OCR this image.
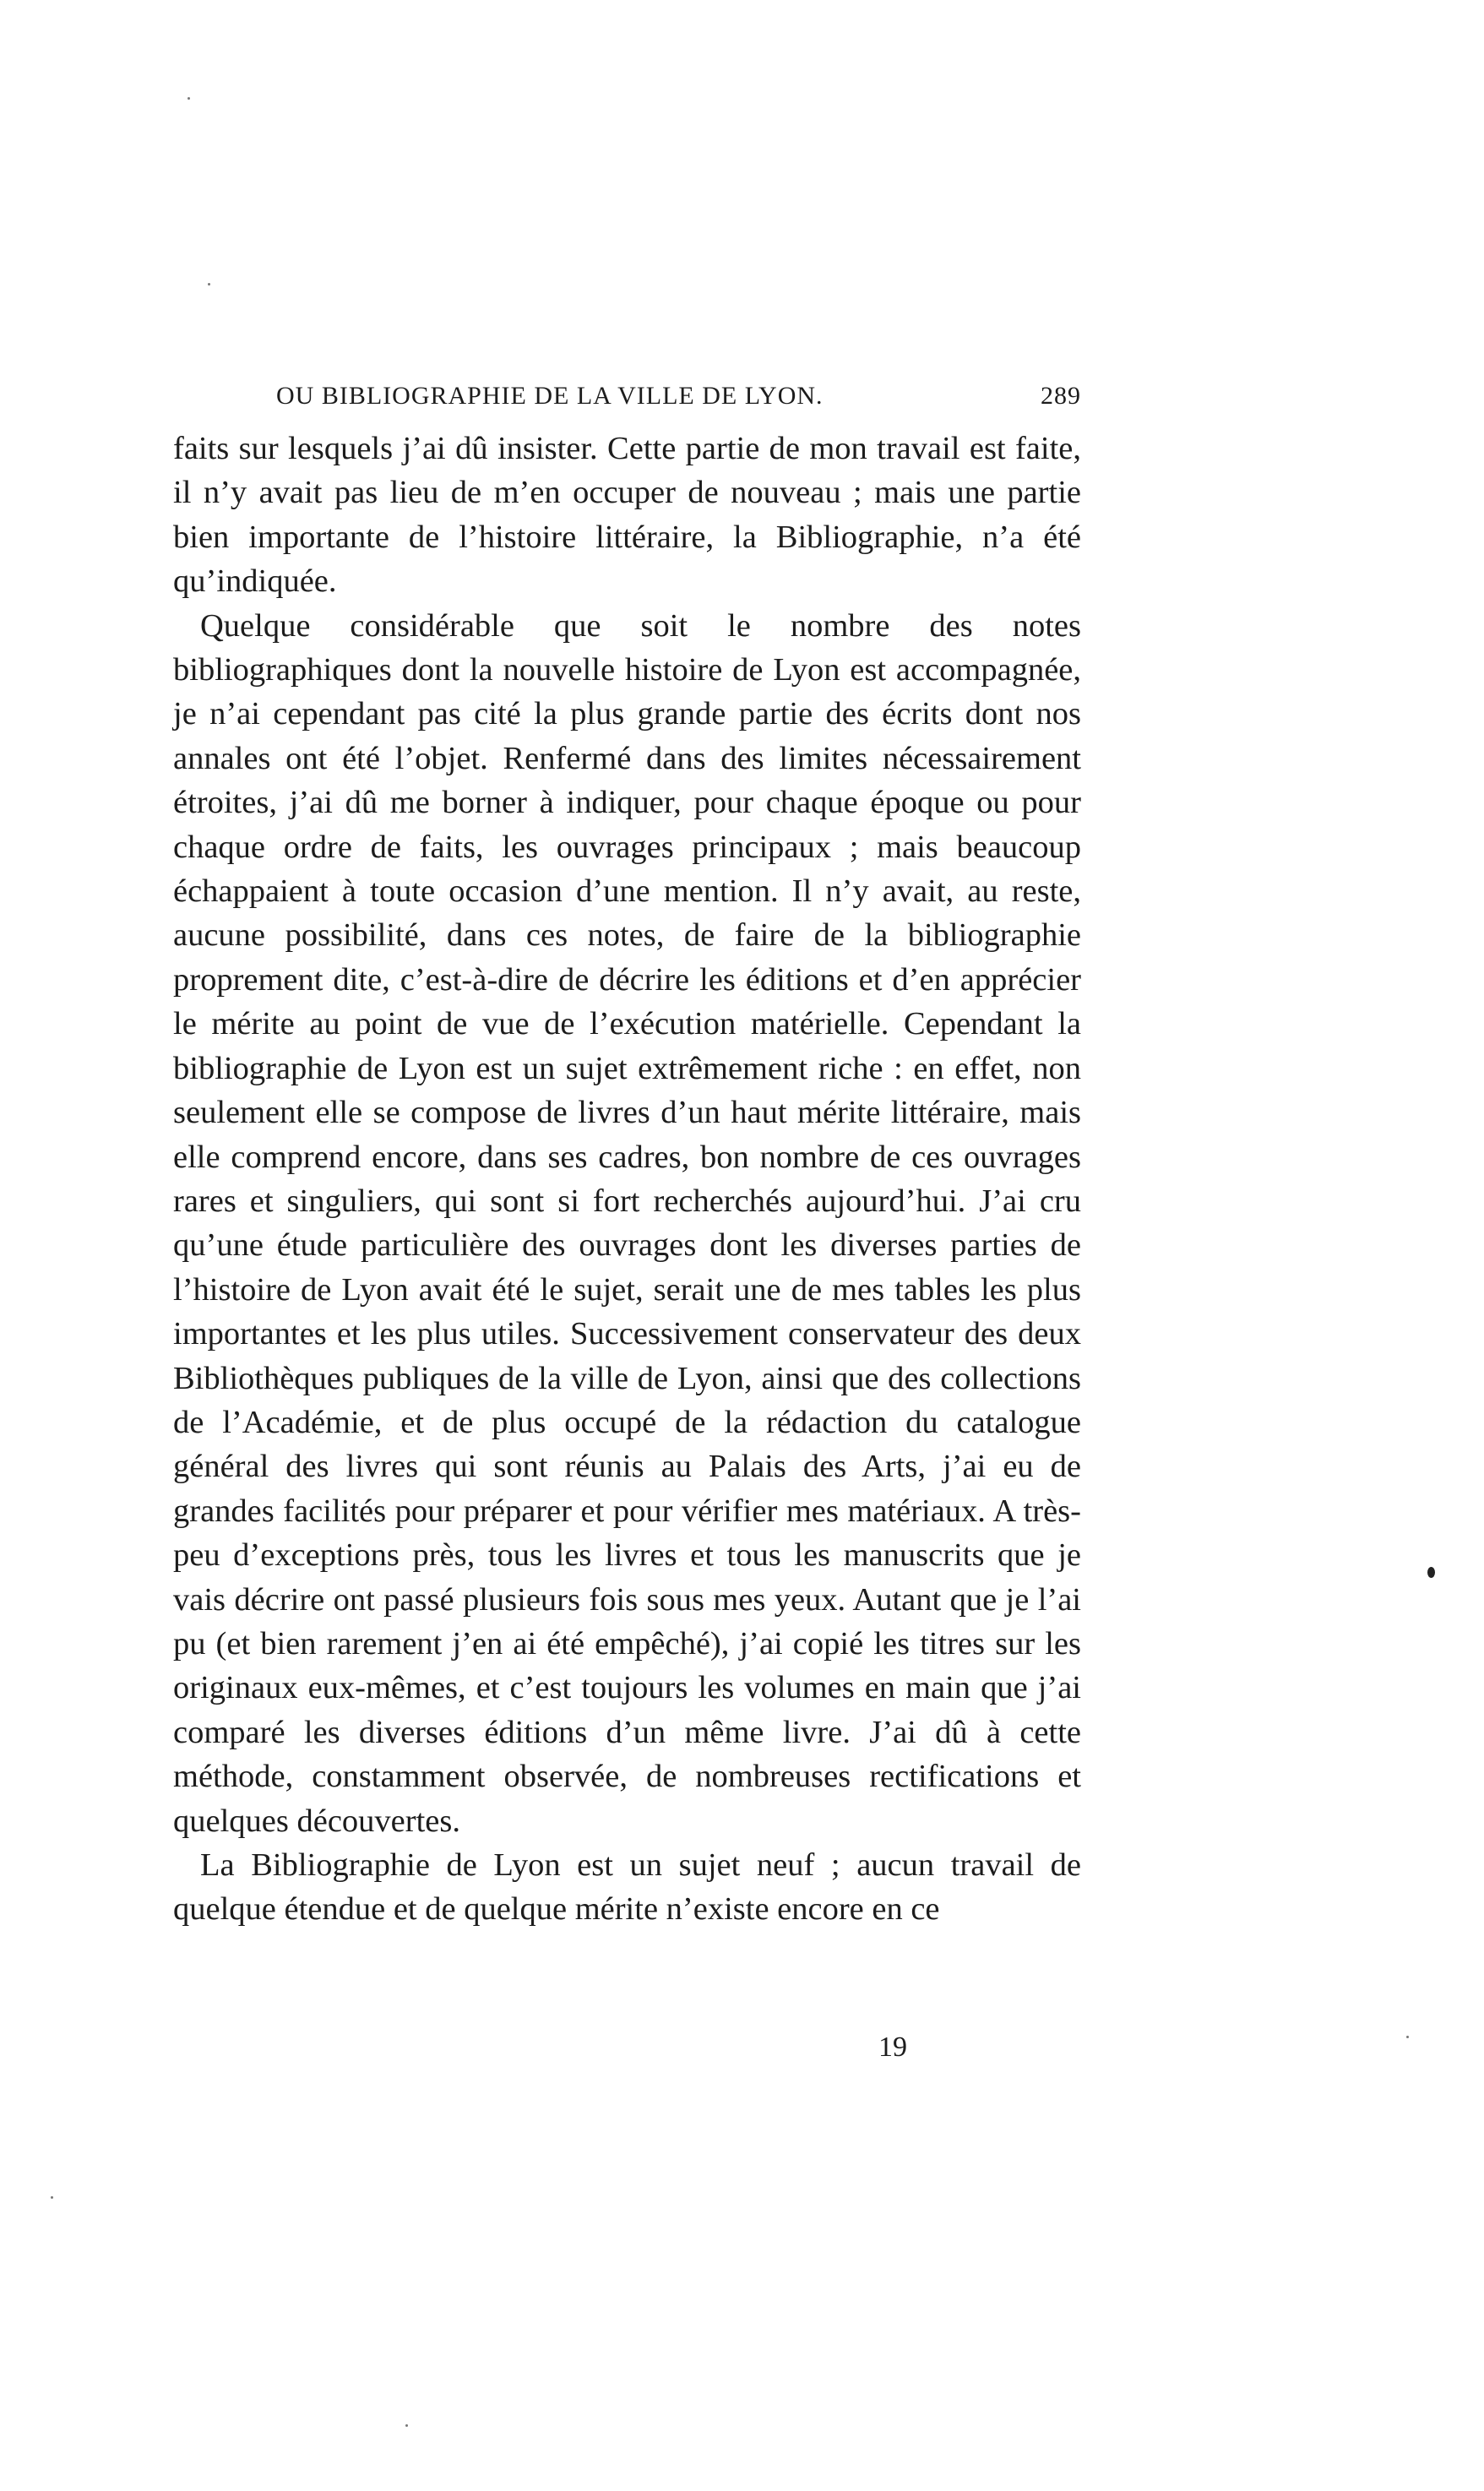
OU BIBLIOGRAPHIE DE LA VILLE DE LYON.	289

faits sur lesquels j’ai dû insister. Cette partie de mon travail est faite, il n’y avait pas lieu de m’en occuper de nouveau ; mais une partie bien importante de l’histoire littéraire, la Bibliographie, n’a été qu’indiquée.

Quelque considérable que soit le nombre des notes bibliographiques dont la nouvelle histoire de Lyon est accompagnée, je n’ai cependant pas cité la plus grande partie des écrits dont nos annales ont été l’objet. Renfermé dans des limites nécessairement étroites, j’ai dû me borner à indiquer, pour chaque époque ou pour chaque ordre de faits, les ouvrages principaux ; mais beaucoup échappaient à toute occasion d’une mention. Il n’y avait, au reste, aucune possibilité, dans ces notes, de faire de la bibliographie proprement dite, c’est-à-dire de décrire les éditions et d’en apprécier le mérite au point de vue de l’exécution matérielle. Cependant la bibliographie de Lyon est un sujet extrêmement riche : en effet, non seulement elle se compose de livres d’un haut mérite littéraire, mais elle comprend encore, dans ses cadres, bon nombre de ces ouvrages rares et singuliers, qui sont si fort recherchés aujourd’hui. J’ai cru qu’une étude particulière des ouvrages dont les diverses parties de l’histoire de Lyon avait été le sujet, serait une de mes tables les plus importantes et les plus utiles. Successivement conservateur des deux Bibliothèques publiques de la ville de Lyon, ainsi que des collections de l’Académie, et de plus occupé de la rédaction du catalogue général des livres qui sont réunis au Palais des Arts, j’ai eu de grandes facilités pour préparer et pour vérifier mes matériaux. A très-peu d’exceptions près, tous les livres et tous les manuscrits que je vais décrire ont passé plusieurs fois sous mes yeux. Autant que je l’ai pu (et bien rarement j’en ai été empêché), j’ai copié les titres sur les originaux eux-mêmes, et c’est toujours les volumes en main que j’ai comparé les diverses éditions d’un même livre. J’ai dû à cette méthode, constamment observée, de nombreuses rectifications et quelques découvertes.

La Bibliographie de Lyon est un sujet neuf ; aucun travail de quelque étendue et de quelque mérite n’existe encore en ce

19
